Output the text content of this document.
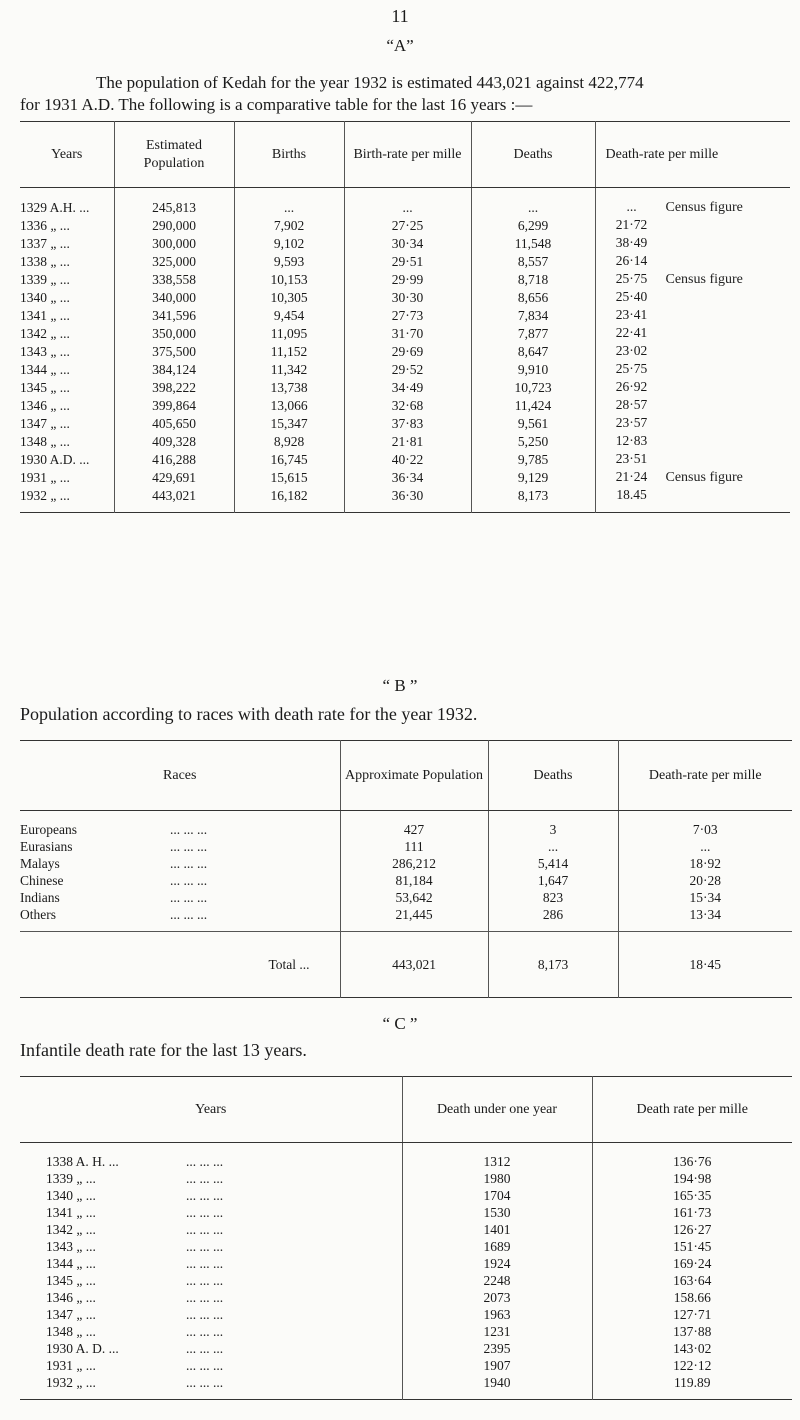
11
“A”
The population of Kedah for the year 1932 is estimated 443,021 against 422,774
for 1931 A.D. The following is a comparative table for the last 16 years :—
Years	Estimated Population	Births	Birth-rate per mille	Deaths	Death-rate per mille
1329 A.H. ...	245,813	...	...	...	... Census figure
1336 „ ...	290,000	7,902	27·25	6,299	21·72
1337 „ ...	300,000	9,102	30·34	11,548	38·49
1338 „ ...	325,000	9,593	29·51	8,557	26·14
1339 „ ...	338,558	10,153	29·99	8,718	25·75 Census figure
1340 „ ...	340,000	10,305	30·30	8,656	25·40
1341 „ ...	341,596	9,454	27·73	7,834	23·41
1342 „ ...	350,000	11,095	31·70	7,877	22·41
1343 „ ...	375,500	11,152	29·69	8,647	23·02
1344 „ ...	384,124	11,342	29·52	9,910	25·75
1345 „ ...	398,222	13,738	34·49	10,723	26·92
1346 „ ...	399,864	13,066	32·68	11,424	28·57
1347 „ ...	405,650	15,347	37·83	9,561	23·57
1348 „ ...	409,328	8,928	21·81	5,250	12·83
1930 A.D. ...	416,288	16,745	40·22	9,785	23·51
1931 „ ...	429,691	15,615	36·34	9,129	21·24 Census figure
1932 „ ...	443,021	16,182	36·30	8,173	18.45
“ B ”
Population according to races with death rate for the year 1932.
Races	Approximate Population	Deaths	Death-rate per mille
Europeans ... ... ...	427	3	7·03
Eurasians ... ... ...	111	...	...
Malays ... ... ...	286,212	5,414	18·92
Chinese ... ... ...	81,184	1,647	20·28
Indians ... ... ...	53,642	823	15·34
Others ... ... ...	21,445	286	13·34
Total ...	443,021	8,173	18·45
“ C ”
Infantile death rate for the last 13 years.
Years	Death under one year	Death rate per mille
1338 A. H. ... ... ... ...	1312	136·76
1339 „ ... ... ... ...	1980	194·98
1340 „ ... ... ... ...	1704	165·35
1341 „ ... ... ... ...	1530	161·73
1342 „ ... ... ... ...	1401	126·27
1343 „ ... ... ... ...	1689	151·45
1344 „ ... ... ... ...	1924	169·24
1345 „ ... ... ... ...	2248	163·64
1346 „ ... ... ... ...	2073	158.66
1347 „ ... ... ... ...	1963	127·71
1348 „ ... ... ... ...	1231	137·88
1930 A. D. ... ... ... ...	2395	143·02
1931 „ ... ... ... ...	1907	122·12
1932 „ ... ... ... ...	1940	119.89
